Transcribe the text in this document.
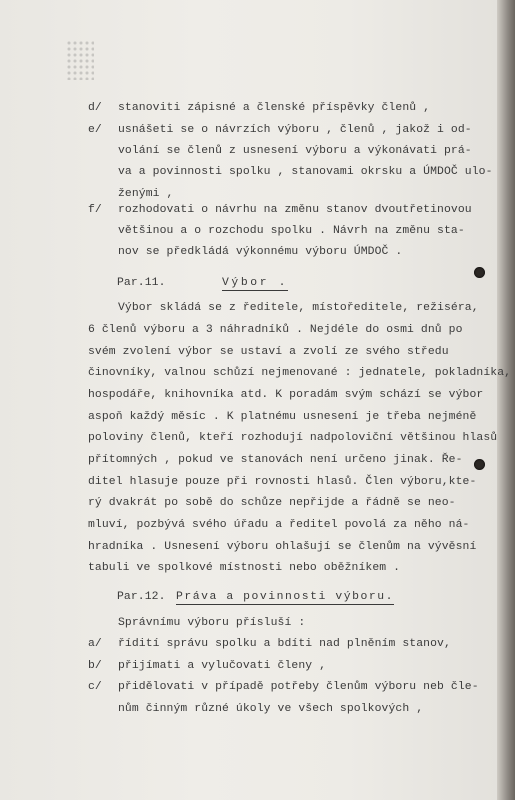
d/ stanoviti zápisné a členské příspěvky členů ,

e/ usnášeti se o návrzích výboru , členů , jakož i od-

volání se členů z usnesení výboru a výkonávati prá-

va a povinnosti spolku , stanovami okrsku a ÚMDOČ ulo-

ženými ,

f/ rozhodovati o návrhu na změnu stanov dvoutřetinovou

většinou a o rozchodu spolku . Návrh na změnu sta-

nov se předkládá výkonnému výboru ÚMDOČ .

Par.11.	Výbor .

Výbor skládá se z ředitele, místoředitele, režiséra,

6 členů výboru a 3 náhradníků . Nejdéle do osmi dnů po

svém zvolení výbor se ustaví a zvolí ze svého středu

činovníky, valnou schůzí nejmenované : jednatele, pokladníka,

hospodáře, knihovníka atd. K poradám svým schází se výbor

aspoň každý měsíc . K platnému usnesení je třeba nejméně

poloviny členů, kteří rozhodují nadpoloviční většinou hlasů

přítomných , pokud ve stanovách není určeno jinak. Ře-

ditel hlasuje pouze při rovnosti hlasů. Člen výboru,kte-

rý dvakrát po sobě do schůze nepřijde a řádně se neo-

mluví, pozbývá svého úřadu a ředitel povolá za něho ná-

hradníka . Usnesení výboru ohlašují se členům na vývěsní

tabuli ve spolkové místnosti nebo oběžníkem .

Par.12. Práva a povinnosti výboru.

Správnímu výboru přísluší :

a/ řídití správu spolku a bdíti nad plněním stanov,

b/ přijímati a vylučovati členy ,

c/ přidělovati v případě potřeby členům výboru neb čle-

nům činným různé úkoly ve všech spolkových ,
